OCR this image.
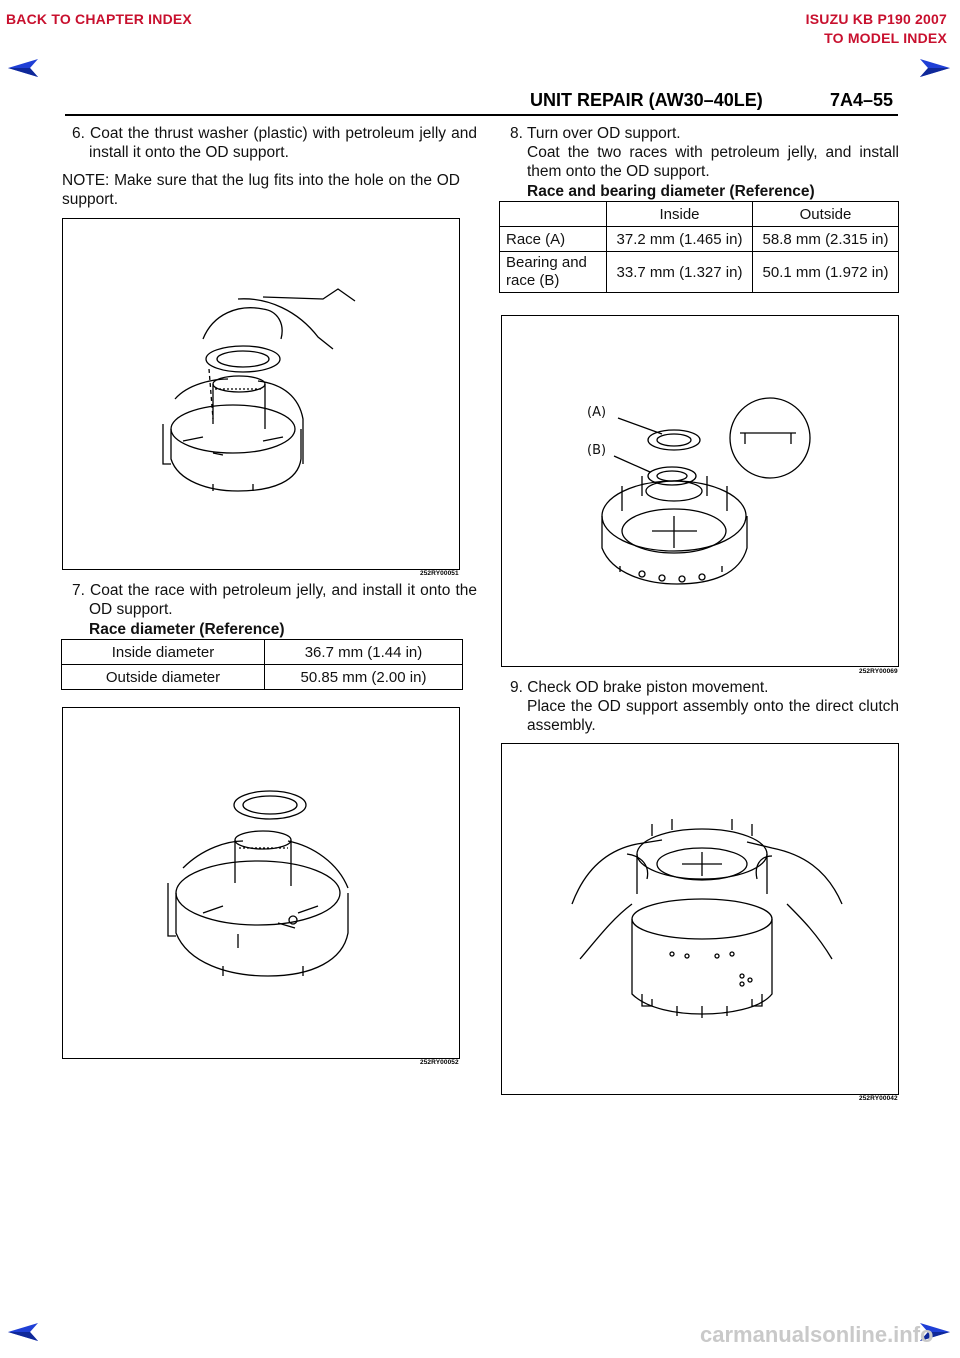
BACK TO CHAPTER INDEX	ISUZU KB P190 2007
TO MODEL INDEX
UNIT REPAIR (AW30–40LE)	7A4–55
6. Coat the thrust washer (plastic) with petroleum jelly and install it onto the OD support.
NOTE: Make sure that the lug fits into the hole on the OD support.
252RY00051
7. Coat the race with petroleum jelly, and install it onto the OD support.
Race diameter (Reference)
Inside diameter	36.7 mm (1.44 in)
Outside diameter	50.85 mm (2.00 in)
252RY00052
8. Turn over OD support.
Coat the two races with petroleum jelly, and install them onto the OD support.
Race and bearing diameter (Reference)
	Inside	Outside
Race (A)	37.2 mm (1.465 in)	58.8 mm (2.315 in)
Bearing and race (B)	33.7 mm (1.327 in)	50.1 mm (1.972 in)
(A)
(B)
252RY00069
9. Check OD brake piston movement.
Place the OD support assembly onto the direct clutch assembly.
252RY00042
carmanualsonline.info
